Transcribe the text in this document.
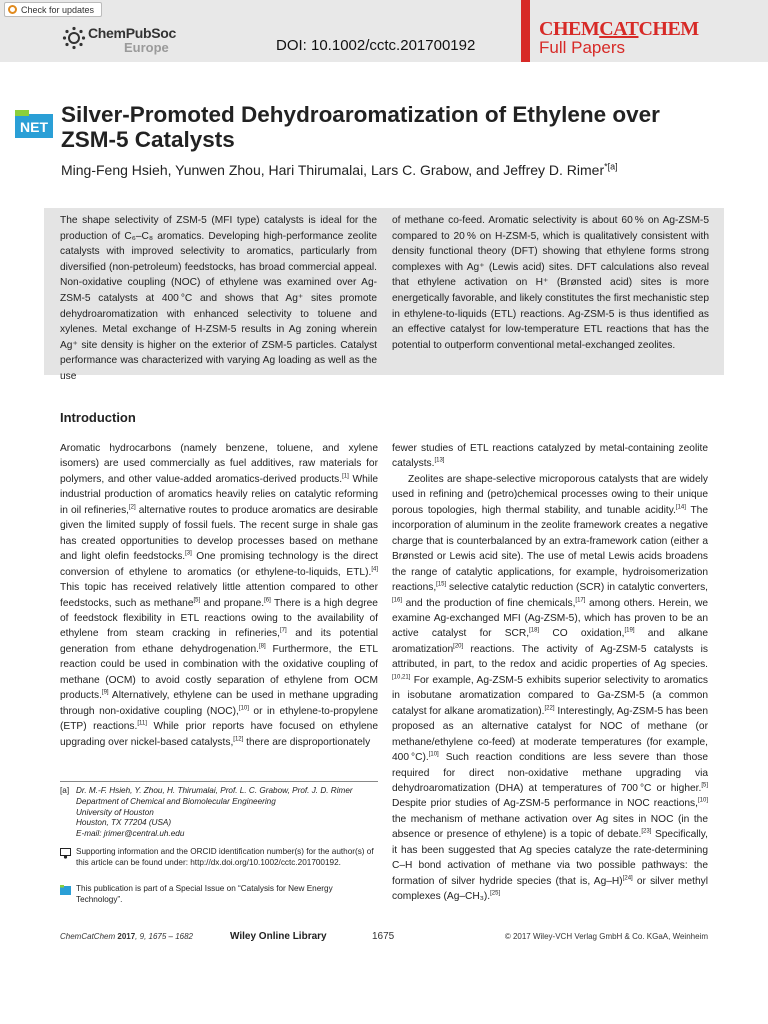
Check for updates
ChemPubSoc
Europe	DOI: 10.1002/cctc.201700192
CHEMCATCHEM
Full Papers
NET Silver-Promoted Dehydroaromatization of Ethylene over ZSM-5 Catalysts
Ming-Feng Hsieh, Yunwen Zhou, Hari Thirumalai, Lars C. Grabow, and Jeffrey D. Rimer$^{*[a]}$
The shape selectivity of ZSM-5 (MFI type) catalysts is ideal for the production of C₆–C₈ aromatics. Developing high-performance zeolite catalysts with improved selectivity to aromatics, particularly from diversified (non-petroleum) feedstocks, has broad commercial appeal. Non-oxidative coupling (NOC) of ethylene was examined over Ag-ZSM-5 catalysts at 400 °C and shows that Ag⁺ sites promote dehydroaromatization with enhanced selectivity to toluene and xylenes. Metal exchange of H-ZSM-5 results in Ag zoning wherein Ag⁺ site density is higher on the exterior of ZSM-5 particles. Catalyst performance was characterized with varying Ag loading as well as the use
of methane co-feed. Aromatic selectivity is about 60 % on Ag-ZSM-5 compared to 20 % on H-ZSM-5, which is qualitatively consistent with density functional theory (DFT) showing that ethylene forms strong complexes with Ag⁺ (Lewis acid) sites. DFT calculations also reveal that ethylene activation on H⁺ (Brønsted acid) sites is more energetically favorable, and likely constitutes the first mechanistic step in ethylene-to-liquids (ETL) reactions. Ag-ZSM-5 is thus identified as an effective catalyst for low-temperature ETL reactions that has the potential to outperform conventional metal-exchanged zeolites.
Introduction

Aromatic hydrocarbons (namely benzene, toluene, and xylene isomers) are used commercially as fuel additives, raw materials for polymers, and other value-added aromatics-derived products.[1] While industrial production of aromatics heavily relies on catalytic reforming in oil refineries,[2] alternative routes to produce aromatics are desirable given the limited supply of fossil fuels. The recent surge in shale gas has created opportunities to develop processes based on methane and light olefin feedstocks.[3] One promising technology is the direct conversion of ethylene to aromatics (or ethylene-to-liquids, ETL).[4] This topic has received relatively little attention compared to other feedstocks, such as methane[5] and propane.[6] There is a high degree of feedstock flexibility in ETL reactions owing to the availability of ethylene from steam cracking in refineries,[7] and its potential generation from ethane dehydrogenation.[8] Furthermore, the ETL reaction could be used in combination with the oxidative coupling of methane (OCM) to avoid costly separation of ethylene from OCM products.[9] Alternatively, ethylene can be used in methane upgrading through non-oxidative coupling (NOC),[10] or in ethylene-to-propylene (ETP) reactions.[11] While prior reports have focused on ethylene upgrading over nickel-based catalysts,[12] there are disproportionately

fewer studies of ETL reactions catalyzed by metal-containing zeolite catalysts.[13]

Zeolites are shape-selective microporous catalysts that are widely used in refining and (petro)chemical processes owing to their unique porous topologies, high thermal stability, and tunable acidity.[14] The incorporation of aluminum in the zeolite framework creates a negative charge that is counterbalanced by an extra-framework cation (either a Brønsted or Lewis acid site). The use of metal Lewis acids broadens the range of catalytic applications, for example, hydroisomerization reactions,[15] selective catalytic reduction (SCR) in catalytic converters,[16] and the production of fine chemicals,[17] among others. Herein, we examine Ag-exchanged MFI (Ag-ZSM-5), which has proven to be an active catalyst for SCR,[18] CO oxidation,[19] and alkane aromatization[20] reactions. The activity of Ag-ZSM-5 catalysts is attributed, in part, to the redox and acidic properties of Ag species.[10,21] For example, Ag-ZSM-5 exhibits superior selectivity to aromatics in isobutane aromatization compared to Ga-ZSM-5 (a common catalyst for alkane aromatization).[22] Interestingly, Ag-ZSM-5 has been proposed as an alternative catalyst for NOC of methane (or methane/ethylene co-feed) at moderate temperatures (for example, 400 °C).[10] Such reaction conditions are less severe than those required for direct non-oxidative methane upgrading via dehydroaromatization (DHA) at temperatures of 700 °C or higher.[5] Despite prior studies of Ag-ZSM-5 performance in NOC reactions,[10] the mechanism of methane activation over Ag sites in NOC (in the absence or presence of ethylene) is a topic of debate.[23] Specifically, it has been suggested that Ag species catalyze the rate-determining C–H bond activation of methane via two possible pathways: the formation of silver hydride species (that is, Ag–H)[24] or silver methyl complexes (Ag–CH₃).[25]

[a] Dr. M.-F. Hsieh, Y. Zhou, H. Thirumalai, Prof. L. C. Grabow, Prof. J. D. Rimer
Department of Chemical and Biomolecular Engineering
University of Houston
Houston, TX 77204 (USA)
E-mail: jrimer@central.uh.edu
Supporting information and the ORCID identification number(s) for the author(s) of this article can be found under: http://dx.doi.org/10.1002/cctc.201700192.
This publication is part of a Special Issue on “Catalysis for New Energy Technology”.
ChemCatChem 2017, 9, 1675 – 1682	Wiley Online Library	1675	© 2017 Wiley-VCH Verlag GmbH & Co. KGaA, Weinheim
